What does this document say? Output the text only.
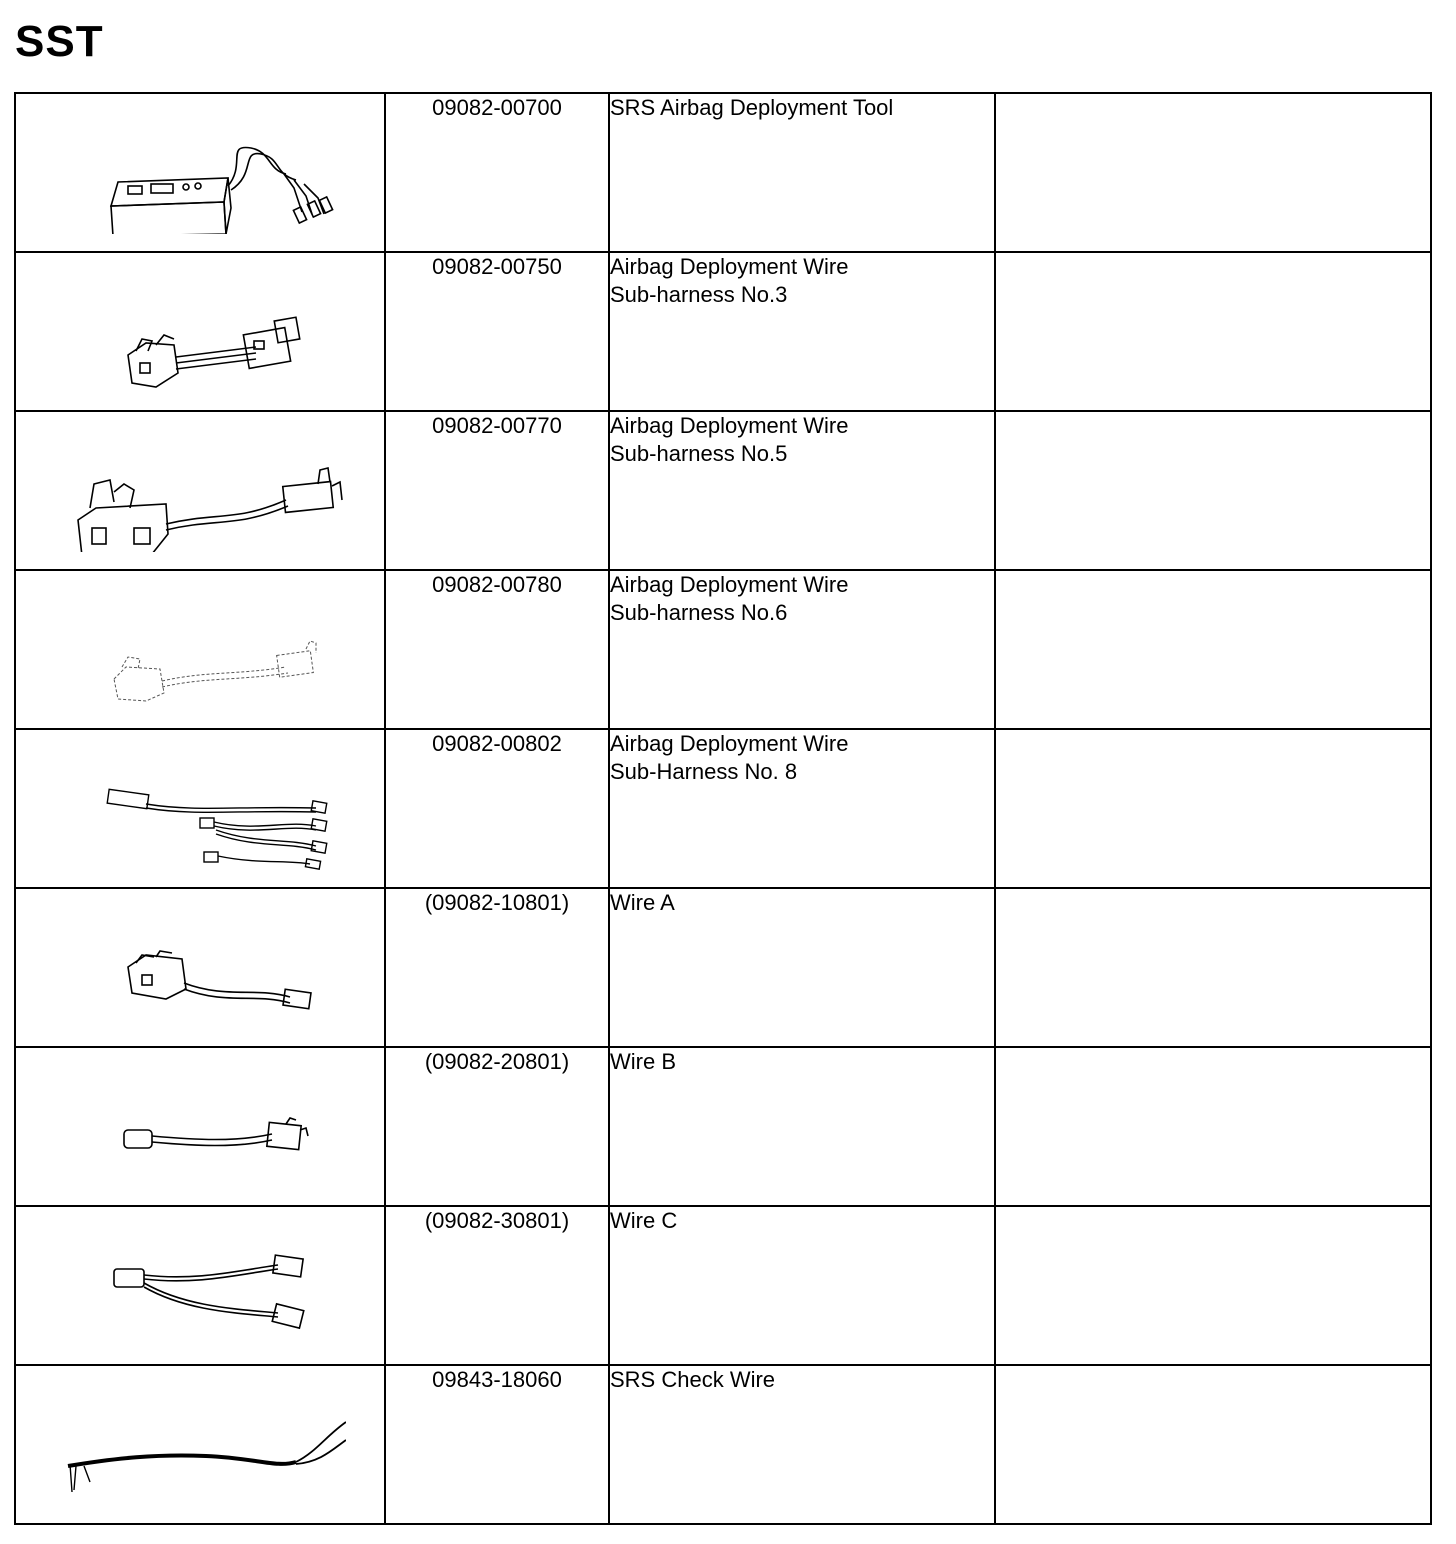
SST
	09082-00700	SRS Airbag Deployment Tool	

	09082-00750	Airbag Deployment Wire
Sub-harness No.3	

	09082-00770	Airbag Deployment Wire
Sub-harness No.5	

	09082-00780	Airbag Deployment Wire
Sub-harness No.6	

	09082-00802	Airbag Deployment Wire
Sub-Harness No. 8	

	(09082-10801)	Wire A	

	(09082-20801)	Wire B	

	(09082-30801)	Wire C	

	09843-18060	SRS Check Wire	
